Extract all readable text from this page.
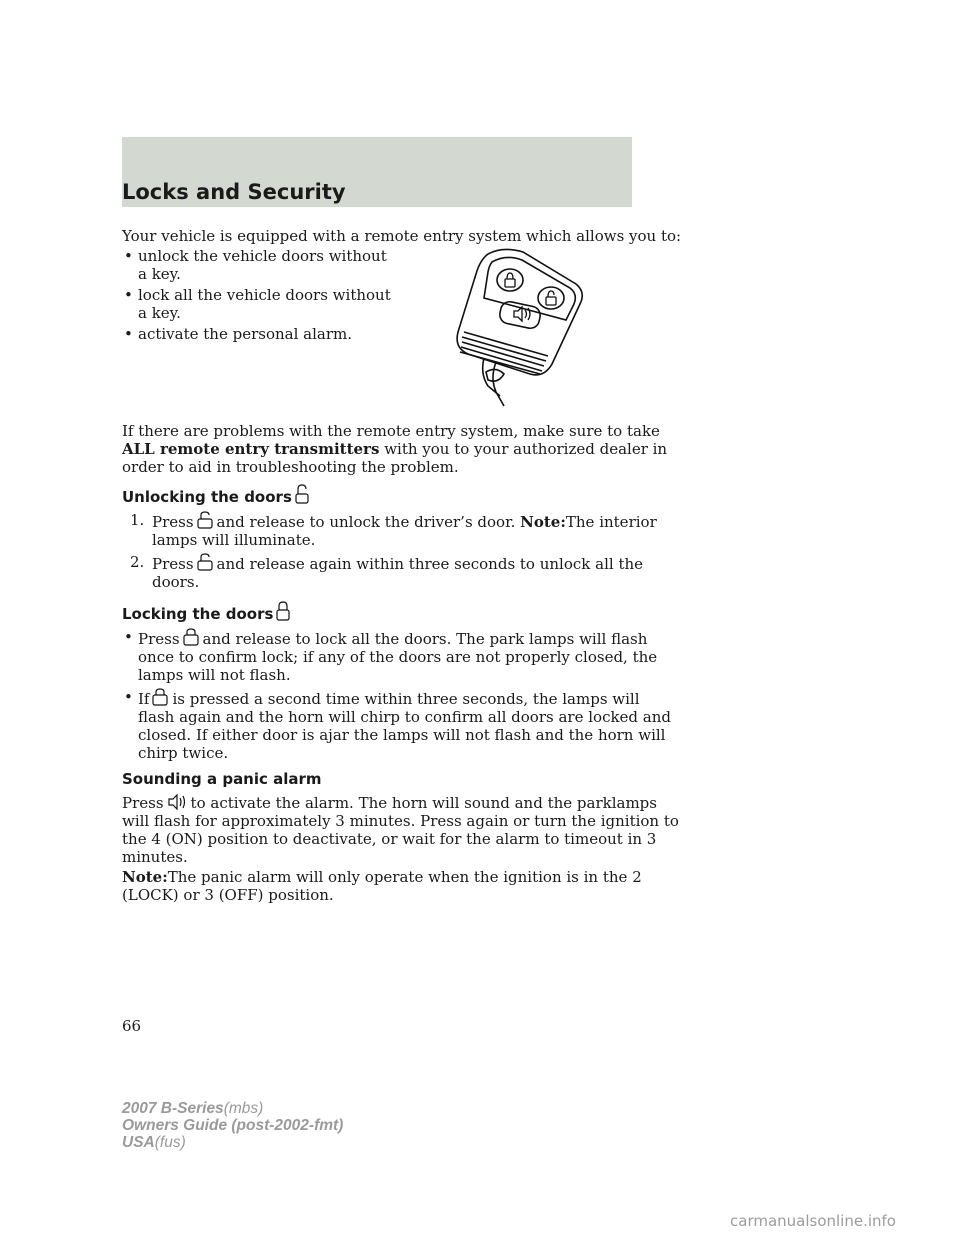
Locks and Security

Your vehicle is equipped with a remote entry system which allows you to:

• unlock the vehicle doors without
a key.
• lock all the vehicle doors without
a key.
• activate the personal alarm.
If there are problems with the remote entry system, make sure to take
ALL remote entry transmitters with you to your authorized dealer in
order to aid in troubleshooting the problem.
Unlocking the doors
1. Press and release to unlock the driver’s door. Note:The interior
lamps will illuminate.
2. Press and release again within three seconds to unlock all the
doors.
Locking the doors
• Press and release to lock all the doors. The park lamps will flash
once to confirm lock; if any of the doors are not properly closed, the
lamps will not flash.
• If is pressed a second time within three seconds, the lamps will
flash again and the horn will chirp to confirm all doors are locked and
closed. If either door is ajar the lamps will not flash and the horn will
chirp twice.
Sounding a panic alarm
Press to activate the alarm. The horn will sound and the parklamps
will flash for approximately 3 minutes. Press again or turn the ignition to
the 4 (ON) position to deactivate, or wait for the alarm to timeout in 3
minutes.
Note:The panic alarm will only operate when the ignition is in the 2
(LOCK) or 3 (OFF) position.
66
2007 B-Series(mbs)
Owners Guide (post-2002-fmt)
USA(fus)
carmanualsonline.info
